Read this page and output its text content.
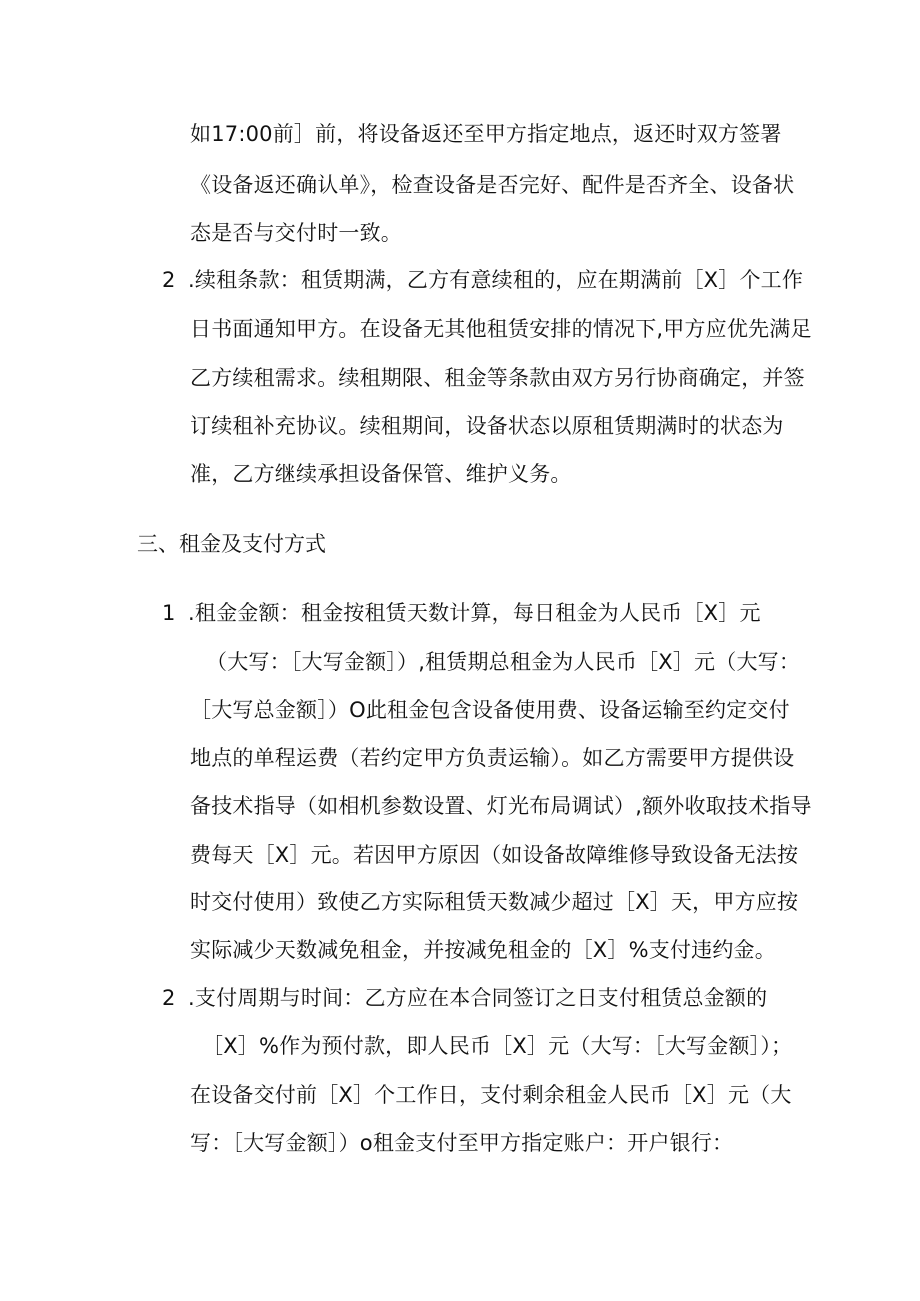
如17:00前］前，将设备返还至甲方指定地点，返还时双方签署
《设备返还确认单》，检查设备是否完好、配件是否齐全、设备状
态是否与交付时一致。
2 .续租条款：租赁期满，乙方有意续租的，应在期满前［X］个工作
日书面通知甲方。在设备无其他租赁安排的情况下,甲方应优先满足
乙方续租需求。续租期限、租金等条款由双方另行协商确定，并签
订续租补充协议。续租期间，设备状态以原租赁期满时的状态为
准，乙方继续承担设备保管、维护义务。
三、租金及支付方式
1 .租金金额：租金按租赁天数计算，每日租金为人民币［X］元
（大写：［大写金额］）,租赁期总租金为人民币［X］元（大写：
［大写总金额］）O此租金包含设备使用费、设备运输至约定交付
地点的单程运费（若约定甲方负责运输）。如乙方需要甲方提供设
备技术指导（如相机参数设置、灯光布局调试）,额外收取技术指导
费每天［X］元。若因甲方原因（如设备故障维修导致设备无法按
时交付使用）致使乙方实际租赁天数减少超过［X］天，甲方应按
实际减少天数减免租金，并按减免租金的［X］%支付违约金。
2 .支付周期与时间：乙方应在本合同签订之日支付租赁总金额的
［X］%作为预付款，即人民币［X］元（大写：［大写金额］）；
在设备交付前［X］个工作日，支付剩余租金人民币［X］元（大
写：［大写金额］）o租金支付至甲方指定账户：开户银行：
